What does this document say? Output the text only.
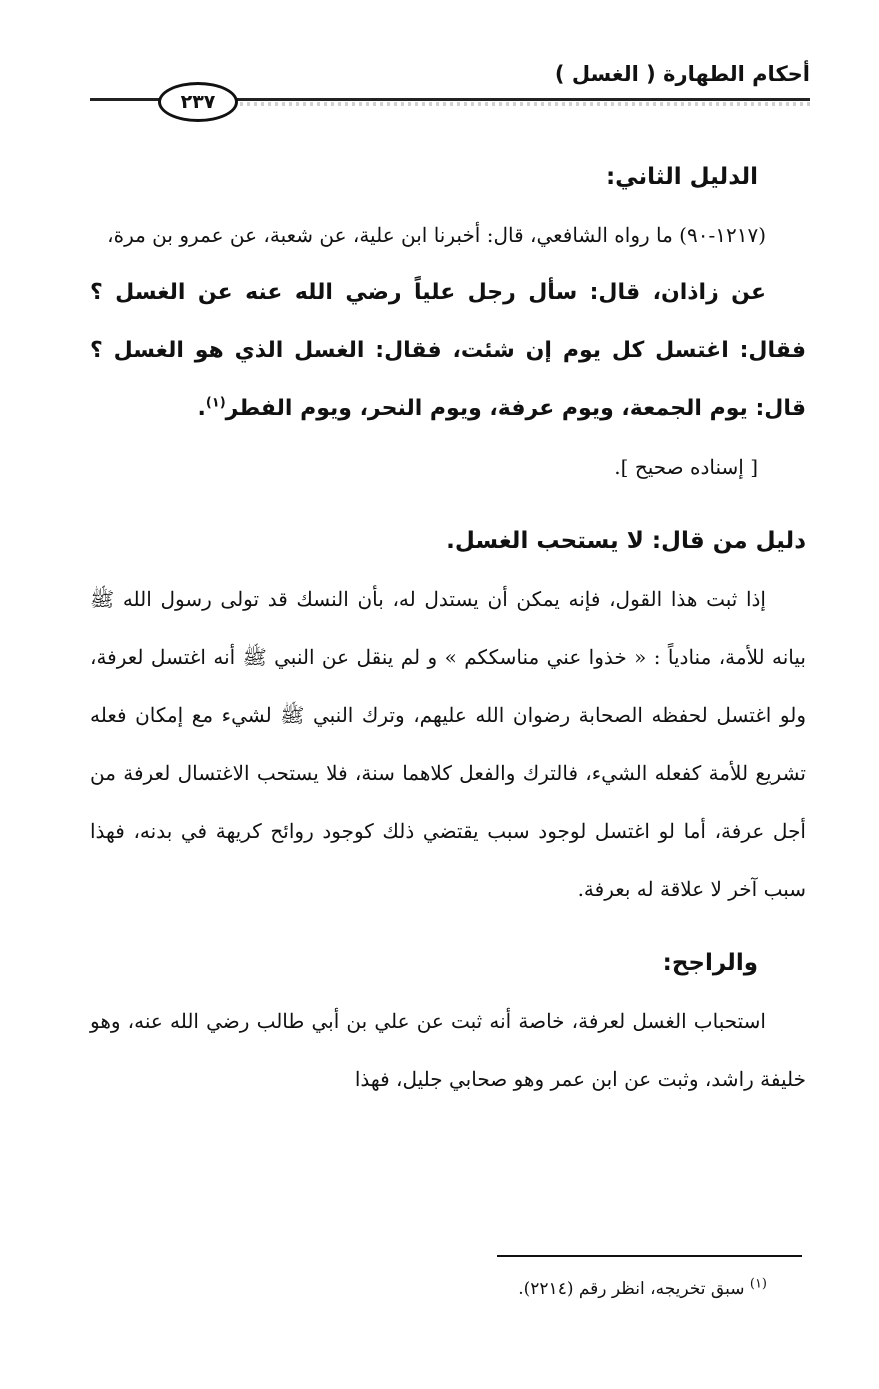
أحكام الطهارة ( الغسل )
٢٣٧

الدليل الثاني:

(١٢١٧-٩٠) ما رواه الشافعي، قال: أخبرنا ابن علية، عن شعبة، عن عمرو بن مرة،

عن زاذان، قال: سأل رجل علياً رضي الله عنه عن الغسل ؟ فقال: اغتسل كل يوم إن شئت، فقال: الغسل الذي هو الغسل ؟ قال: يوم الجمعة، ويوم عرفة، ويوم النحر، ويوم الفطر$^{(١)}$.

[ إسناده صحيح ].

دليل من قال: لا يستحب الغسل.

إذا ثبت هذا القول، فإنه يمكن أن يستدل له، بأن النسك قد تولى رسول الله ﷺ بيانه للأمة، منادياً : « خذوا عني مناسككم » و لم ينقل عن النبي ﷺ أنه اغتسل لعرفة، ولو اغتسل لحفظه الصحابة رضوان الله عليهم، وترك النبي ﷺ لشيء مع إمكان فعله تشريع للأمة كفعله الشيء، فالترك والفعل كلاهما سنة، فلا يستحب الاغتسال لعرفة من أجل عرفة، أما لو اغتسل لوجود سبب يقتضي ذلك كوجود روائح كريهة في بدنه، فهذا سبب آخر لا علاقة له بعرفة.

والراجح:

استحباب الغسل لعرفة، خاصة أنه ثبت عن علي بن أبي طالب رضي الله عنه، وهو خليفة راشد، وثبت عن ابن عمر وهو صحابي جليل، فهذا

$^{(١)}$ سبق تخريجه، انظر رقم (٢٢١٤).
